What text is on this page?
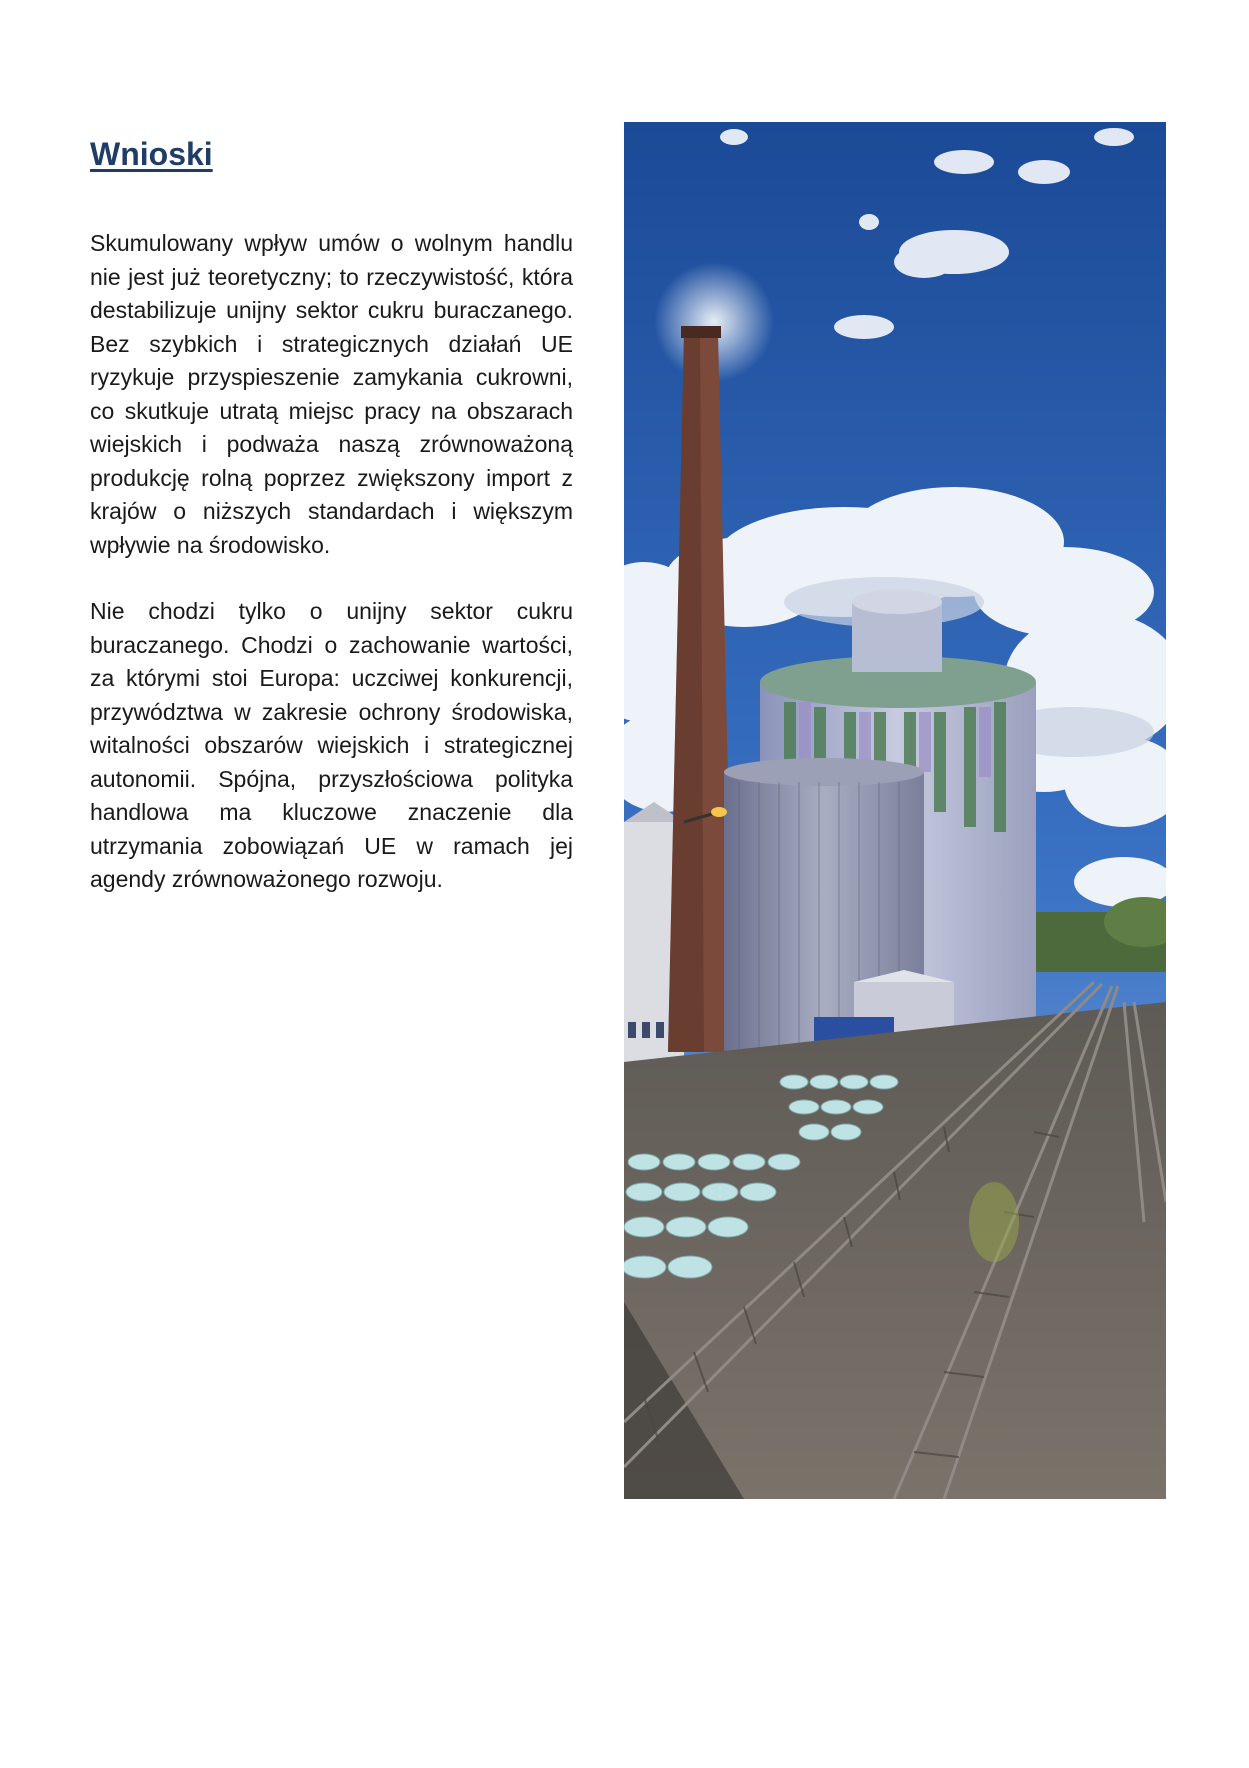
Wnioski

Skumulowany wpływ umów o wolnym handlu nie jest już teoretyczny; to rzeczywistość, która destabilizuje unijny sektor cukru buraczanego. Bez szybkich i strategicznych działań UE ryzykuje przyspieszenie zamykania cukrowni, co skutkuje utratą miejsc pracy na obszarach wiejskich i podważa naszą zrównoważoną produkcję rolną poprzez zwiększony import z krajów o niższych standardach i większym wpływie na środowisko.

Nie chodzi tylko o unijny sektor cukru buraczanego. Chodzi o zachowanie wartości, za którymi stoi Europa: uczciwej konkurencji, przywództwa w zakresie ochrony środowiska, witalności obszarów wiejskich i strategicznej autonomii. Spójna, przyszłościowa polityka handlowa ma kluczowe znaczenie dla utrzymania zobowiązań UE w ramach jej agendy zrównoważonego rozwoju.
